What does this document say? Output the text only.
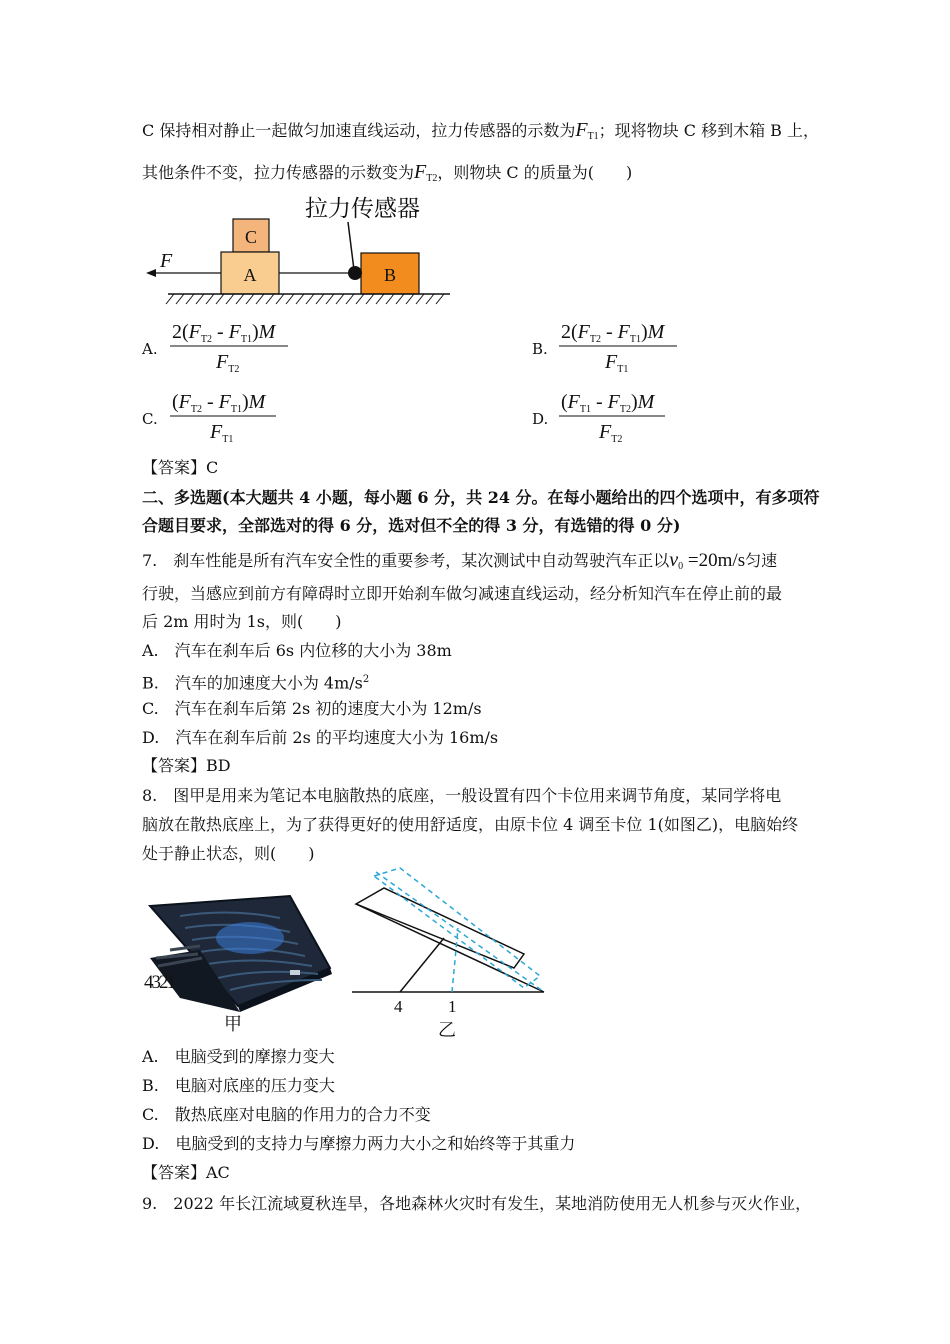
C 保持相对静止一起做匀加速直线运动，拉力传感器的示数为$F_{T1}$；现将物块 C 移到木箱 B 上，
其他条件不变，拉力传感器的示数变为$F_{T2}$，则物块 C 的质量为(　　)
拉力传感器
C
A	B
F
A.
$2(F_{T2} - F_{T1})M$
$F_{T2}$
B.
$2(F_{T2} - F_{T1})M$
$F_{T1}$
C.
$(F_{T2} - F_{T1})M$
$F_{T1}$
D.
$(F_{T1} - F_{T2})M$
$F_{T2}$
【答案】C
二、多选题(本大题共 4 小题，每小题 6 分，共 24 分。在每小题给出的四个选项中，有多项符
合题目要求，全部选对的得 6 分，选对但不全的得 3 分，有选错的得 0 分)
7.　刹车性能是所有汽车安全性的重要参考，某次测试中自动驾驶汽车正以$v_0 =20m/s$匀速
行驶，当感应到前方有障碍时立即开始刹车做匀减速直线运动，经分析知汽车在停止前的最
后 2m 用时为 1s，则(　　)
A.　汽车在刹车后 6s 内位移的大小为 38m
B.　汽车的加速度大小为 $4m/s^2$
C.　汽车在刹车后第 2s 初的速度大小为 12m/s
D.　汽车在刹车后前 2s 的平均速度大小为 16m/s
【答案】BD
8.　图甲是用来为笔记本电脑散热的底座，一般设置有四个卡位用来调节角度，某同学将电
脑放在散热底座上，为了获得更好的使用舒适度，由原卡位 4 调至卡位 1(如图乙)，电脑始终
处于静止状态，则(　　)
4321
甲
4	1
乙
A.　电脑受到的摩擦力变大
B.　电脑对底座的压力变大
C.　散热底座对电脑的作用力的合力不变
D.　电脑受到的支持力与摩擦力两力大小之和始终等于其重力
【答案】AC
9.　2022 年长江流域夏秋连旱，各地森林火灾时有发生，某地消防使用无人机参与灭火作业，
